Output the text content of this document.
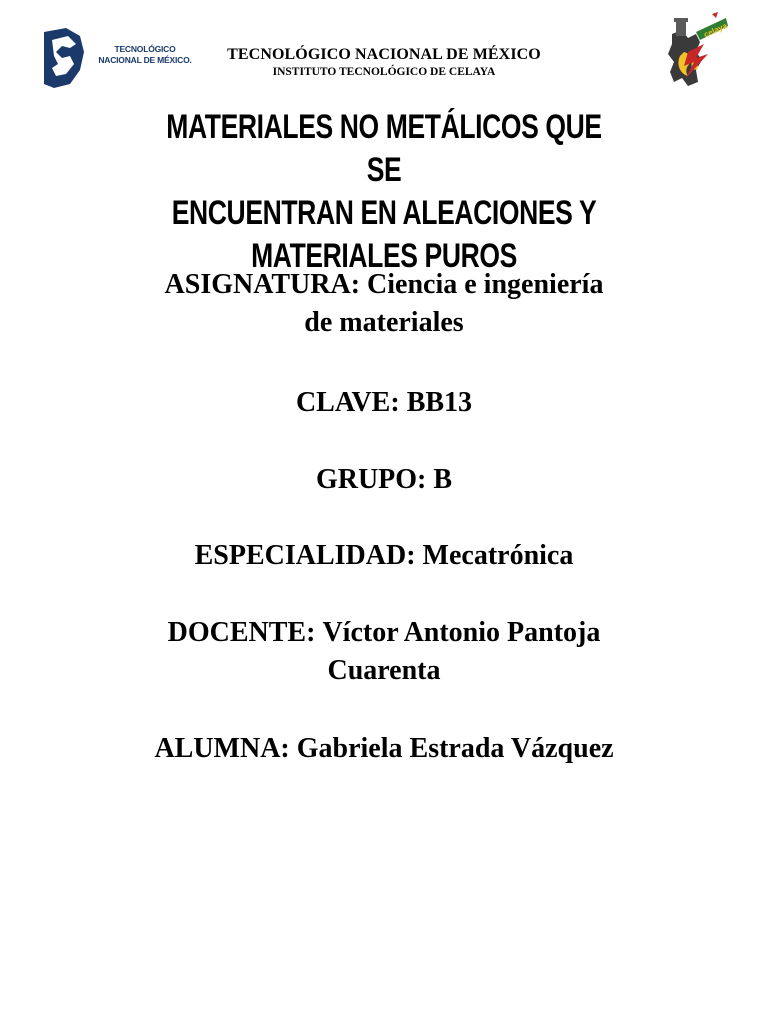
TECNOLÓGICO
NACIONAL DE MÉXICO.	TECNOLÓGICO NACIONAL DE MÉXICO
INSTITUTO TECNOLÓGICO DE CELAYA
celaya
MATERIALES NO METÁLICOS QUE SE
ENCUENTRAN EN ALEACIONES Y
MATERIALES PUROS
ASIGNATURA: Ciencia e ingeniería
de materiales
CLAVE: BB13
GRUPO: B
ESPECIALIDAD: Mecatrónica
DOCENTE: Víctor Antonio Pantoja
Cuarenta
ALUMNA: Gabriela Estrada Vázquez
